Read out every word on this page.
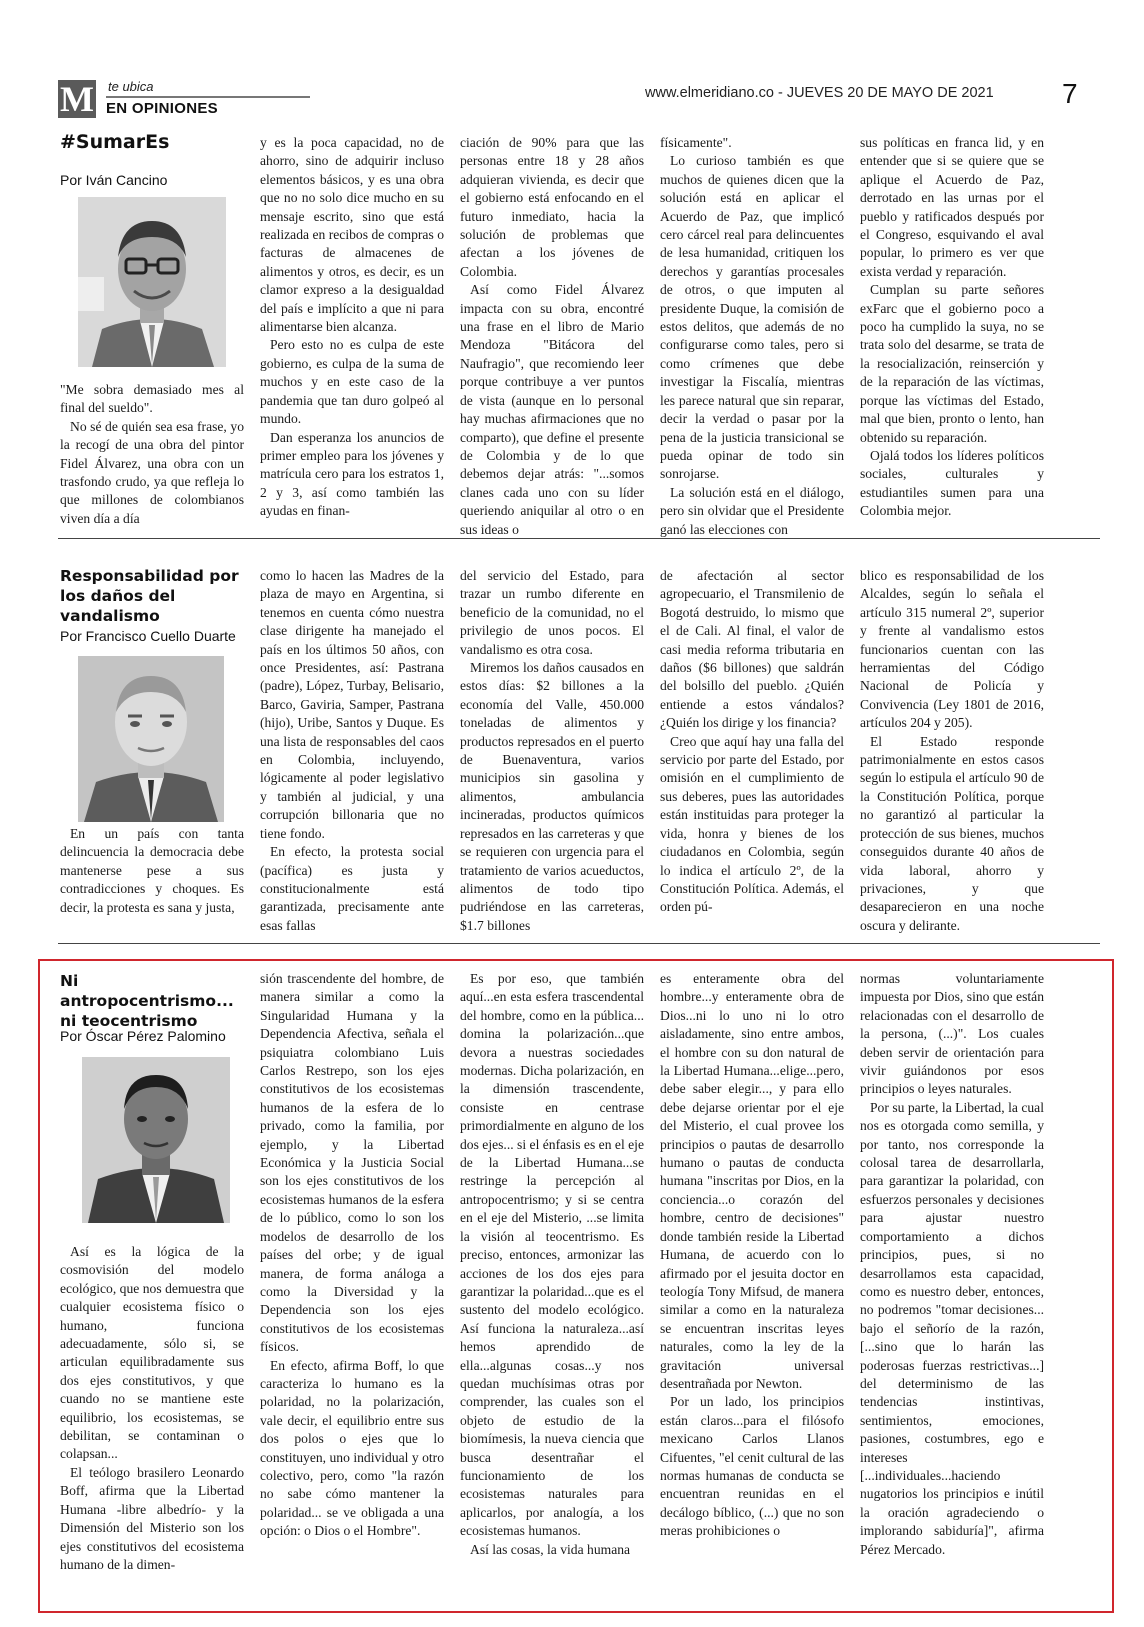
M te ubica
EN OPINIONES
www.elmeridiano.co - JUEVES 20 DE MAYO DE 2021 7
#SumarEs
Por Iván Cancino

"Me sobra demasiado mes al final del sueldo".

No sé de quién sea esa frase, yo la recogí de una obra del pintor Fidel Álvarez, una obra con un trasfondo crudo, ya que refleja lo que millones de colombianos viven día a día

y es la poca capacidad, no de ahorro, sino de adquirir incluso elementos básicos, y es una obra que no no solo dice mucho en su mensaje escrito, sino que está realizada en recibos de compras o facturas de almacenes de alimentos y otros, es decir, es un clamor expreso a la desigualdad del país e implícito a que ni para alimentarse bien alcanza.

Pero esto no es culpa de este gobierno, es culpa de la suma de muchos y en este caso de la pandemia que tan duro golpeó al mundo.

Dan esperanza los anuncios de primer empleo para los jóvenes y matrícula cero para los estratos 1, 2 y 3, así como también las ayudas en finan-

ciación de 90% para que las personas entre 18 y 28 años adquieran vivienda, es decir que el gobierno está enfocando en el futuro inmediato, hacia la solución de problemas que afectan a los jóvenes de Colombia.

Así como Fidel Álvarez impacta con su obra, encontré una frase en el libro de Mario Mendoza "Bitácora del Naufragio", que recomiendo leer porque contribuye a ver puntos de vista (aunque en lo personal hay muchas afirmaciones que no comparto), que define el presente de Colombia y de lo que debemos dejar atrás: "...somos clanes cada uno con su líder queriendo aniquilar al otro o en sus ideas o

físicamente".

Lo curioso también es que muchos de quienes dicen que la solución está en aplicar el Acuerdo de Paz, que implicó cero cárcel real para delincuentes de lesa humanidad, critiquen los derechos y garantías procesales de otros, o que imputen al presidente Duque, la comisión de estos delitos, que además de no configurarse como tales, pero si como crímenes que debe investigar la Fiscalía, mientras les parece natural que sin reparar, decir la verdad o pasar por la pena de la justicia transicional se pueda opinar de todo sin sonrojarse.

La solución está en el diálogo, pero sin olvidar que el Presidente ganó las elecciones con

sus políticas en franca lid, y en entender que si se quiere que se aplique el Acuerdo de Paz, derrotado en las urnas por el pueblo y ratificados después por el Congreso, esquivando el aval popular, lo primero es ver que exista verdad y reparación.

Cumplan su parte señores exFarc que el gobierno poco a poco ha cumplido la suya, no se trata solo del desarme, se trata de la resocialización, reinserción y de la reparación de las víctimas, porque las víctimas del Estado, mal que bien, pronto o lento, han obtenido su reparación.

Ojalá todos los líderes políticos sociales, culturales y estudiantiles sumen para una Colombia mejor.

Responsabilidad por los daños del vandalismo
Por Francisco Cuello Duarte

En un país con tanta delincuencia la democracia debe mantenerse pese a sus contradicciones y choques. Es decir, la protesta es sana y justa,

como lo hacen las Madres de la plaza de mayo en Argentina, si tenemos en cuenta cómo nuestra clase dirigente ha manejado el país en los últimos 50 años, con once Presidentes, así: Pastrana (padre), López, Turbay, Belisario, Barco, Gaviria, Samper, Pastrana (hijo), Uribe, Santos y Duque. Es una lista de responsables del caos en Colombia, incluyendo, lógicamente al poder legislativo y también al judicial, y una corrupción billonaria que no tiene fondo.

En efecto, la protesta social (pacífica) es justa y constitucionalmente está garantizada, precisamente ante esas fallas

del servicio del Estado, para trazar un rumbo diferente en beneficio de la comunidad, no el privilegio de unos pocos. El vandalismo es otra cosa.

Miremos los daños causados en estos días: $2 billones a la economía del Valle, 450.000 toneladas de alimentos y productos represados en el puerto de Buenaventura, varios municipios sin gasolina y alimentos, ambulancia incineradas, productos químicos represados en las carreteras y que se requieren con urgencia para el tratamiento de varios acueductos, alimentos de todo tipo pudriéndose en las carreteras, $1.7 billones

de afectación al sector agropecuario, el Transmilenio de Bogotá destruido, lo mismo que el de Cali. Al final, el valor de casi media reforma tributaria en daños ($6 billones) que saldrán del bolsillo del pueblo. ¿Quién entiende a estos vándalos? ¿Quién los dirige y los financia?

Creo que aquí hay una falla del servicio por parte del Estado, por omisión en el cumplimiento de sus deberes, pues las autoridades están instituidas para proteger la vida, honra y bienes de los ciudadanos en Colombia, según lo indica el artículo 2º, de la Constitución Política. Además, el orden pú-

blico es responsabilidad de los Alcaldes, según lo señala el artículo 315 numeral 2º, superior y frente al vandalismo estos funcionarios cuentan con las herramientas del Código Nacional de Policía y Convivencia (Ley 1801 de 2016, artículos 204 y 205).

El Estado responde patrimonialmente en estos casos según lo estipula el artículo 90 de la Constitución Política, porque no garantizó al particular la protección de sus bienes, muchos conseguidos durante 40 años de vida laboral, ahorro y privaciones, y que desaparecieron en una noche oscura y delirante.

Ni antropocentrismo... ni teocentrismo
Por Óscar Pérez Palomino

Así es la lógica de la cosmovisión del modelo ecológico, que nos demuestra que cualquier ecosistema físico o humano, funciona adecuadamente, sólo si, se articulan equilibradamente sus dos ejes constitutivos, y que cuando no se mantiene este equilibrio, los ecosistemas, se debilitan, se contaminan o colapsan...

El teólogo brasilero Leonardo Boff, afirma que la Libertad Humana -libre albedrío- y la Dimensión del Misterio son los ejes constitutivos del ecosistema humano de la dimen-

sión trascendente del hombre, de manera similar a como la Singularidad Humana y la Dependencia Afectiva, señala el psiquiatra colombiano Luis Carlos Restrepo, son los ejes constitutivos de los ecosistemas humanos de la esfera de lo privado, como la familia, por ejemplo, y la Libertad Económica y la Justicia Social son los ejes constitutivos de los ecosistemas humanos de la esfera de lo público, como lo son los modelos de desarrollo de los países del orbe; y de igual manera, de forma análoga a como la Diversidad y la Dependencia son los ejes constitutivos de los ecosistemas físicos.

En efecto, afirma Boff, lo que caracteriza lo humano es la polaridad, no la polarización, vale decir, el equilibrio entre sus dos polos o ejes que lo constituyen, uno individual y otro colectivo, pero, como "la razón no sabe cómo mantener la polaridad... se ve obligada a una opción: o Dios o el Hombre".

Es por eso, que también aquí...en esta esfera trascendental del hombre, como en la pública... domina la polarización...que devora a nuestras sociedades modernas. Dicha polarización, en la dimensión trascendente, consiste en centrase primordialmente en alguno de los dos ejes... si el énfasis es en el eje de la Libertad Humana...se restringe la percepción al antropocentrismo; y si se centra en el eje del Misterio, ...se limita la visión al teocentrismo. Es preciso, entonces, armonizar las acciones de los dos ejes para garantizar la polaridad...que es el sustento del modelo ecológico. Así funciona la naturaleza...así hemos aprendido de ella...algunas cosas...y nos quedan muchísimas otras por comprender, las cuales son el objeto de estudio de la biomímesis, la nueva ciencia que busca desentrañar el funcionamiento de los ecosistemas naturales para aplicarlos, por analogía, a los ecosistemas humanos.

Así las cosas, la vida humana

es enteramente obra del hombre...y enteramente obra de Dios...ni lo uno ni lo otro aisladamente, sino entre ambos, el hombre con su don natural de la Libertad Humana...elige...pero, debe saber elegir..., y para ello debe dejarse orientar por el eje del Misterio, el cual provee los principios o pautas de desarrollo humano o pautas de conducta humana "inscritas por Dios, en la conciencia...o corazón del hombre, centro de decisiones" donde también reside la Libertad Humana, de acuerdo con lo afirmado por el jesuita doctor en teología Tony Mifsud, de manera similar a como en la naturaleza se encuentran inscritas leyes naturales, como la ley de la gravitación universal desentrañada por Newton.

Por un lado, los principios están claros...para el filósofo mexicano Carlos Llanos Cifuentes, "el cenit cultural de las normas humanas de conducta se encuentran reunidas en el decálogo bíblico, (...) que no son meras prohibiciones o

normas voluntariamente impuesta por Dios, sino que están relacionadas con el desarrollo de la persona, (...)". Los cuales deben servir de orientación para vivir guiándonos por esos principios o leyes naturales.

Por su parte, la Libertad, la cual nos es otorgada como semilla, y por tanto, nos corresponde la colosal tarea de desarrollarla, para garantizar la polaridad, con esfuerzos personales y decisiones para ajustar nuestro comportamiento a dichos principios, pues, si no desarrollamos esta capacidad, como es nuestro deber, entonces, no podremos "tomar decisiones... bajo el señorío de la razón, [...sino que lo harán las poderosas fuerzas restrictivas...] del determinismo de las tendencias instintivas, sentimientos, emociones, pasiones, costumbres, ego e intereses [...individuales...haciendo nugatorios los principios e inútil la oración agradeciendo o implorando sabiduría]", afirma Pérez Mercado.
